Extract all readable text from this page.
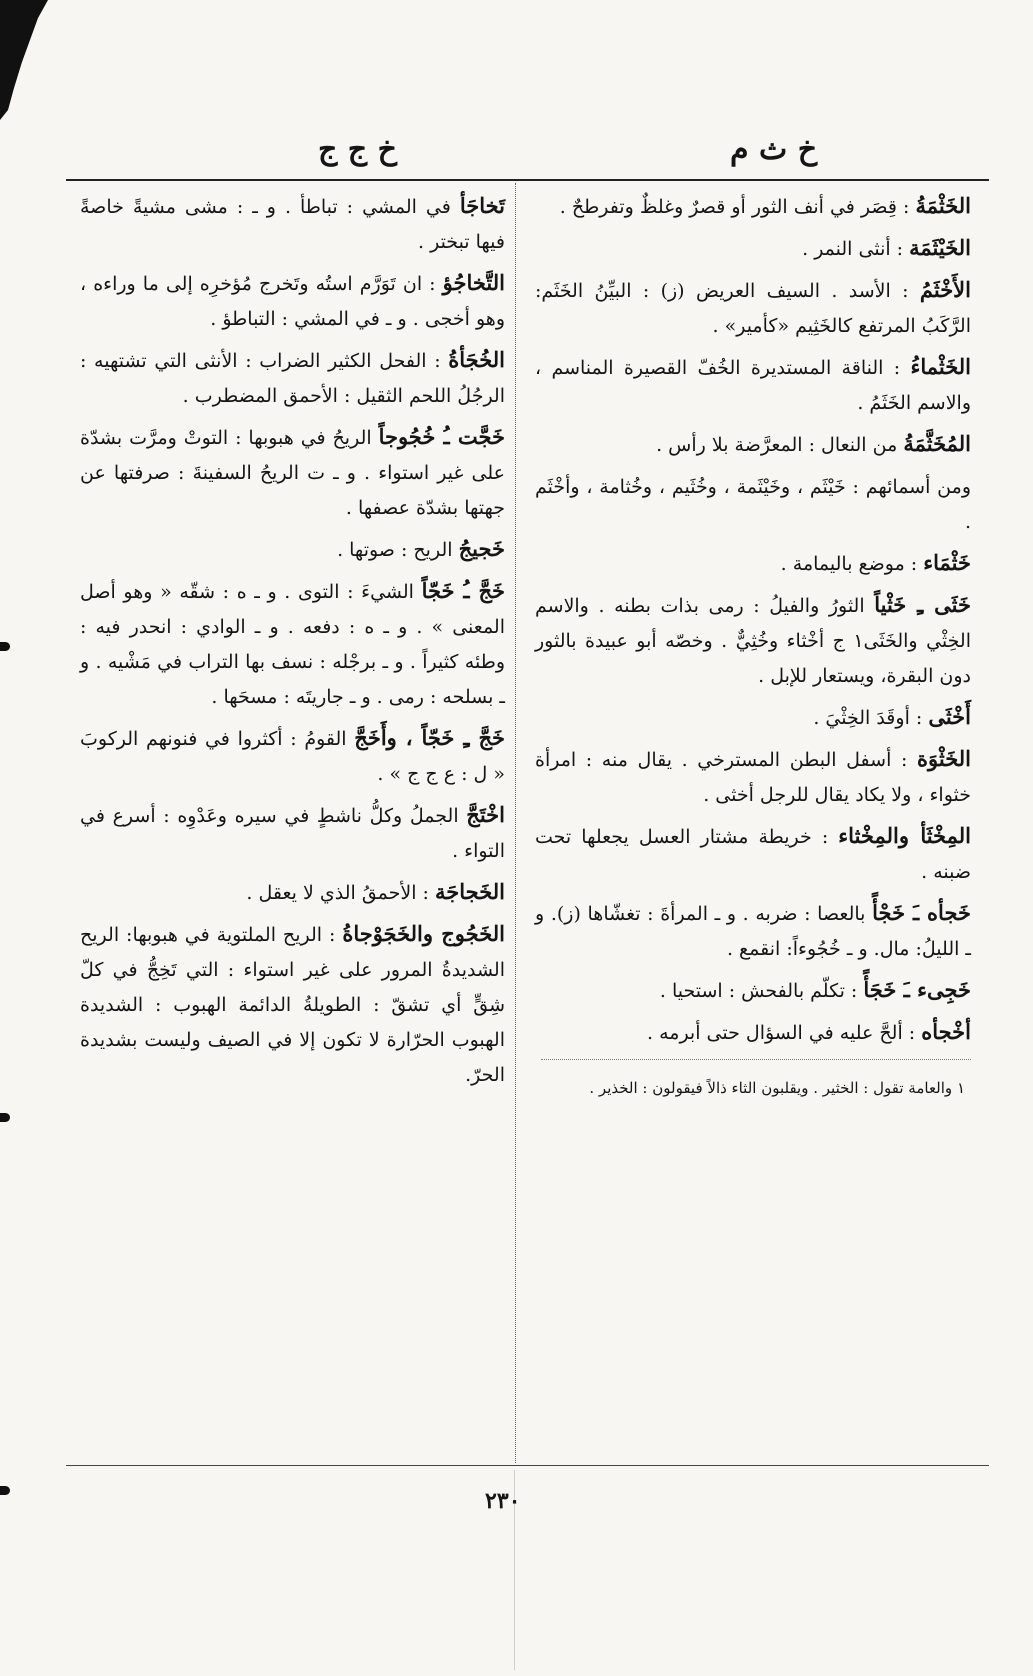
خ ث م
خ ج ج

الخَثْمَةُ : قِصَر في أنف الثور أو قصرٌ وغلظٌ وتفرطحٌ .

الخَيْثَمَة : أنثى النمر .

الأَخْثَمُ : الأسد . السيف العريض (ز) : البيِّنُ الخَثَم: الرَّكَبُ المرتفع كالخَثِيم «كأمير» .

الخَثْماءُ : الناقة المستديرة الخُفّ القصيرة المناسم ، والاسم الخَثَمُ .

المُخَثَّمَةُ من النعال : المعرَّضة بلا رأس .

ومن أسمائهم : خَيْثَم ، وخَيْثَمة ، وخُثَيم ، وخُثامة ، وأخْثَم .

خَثْمَاء : موضع باليمامة .

خَثَى ـِ خَثْياً الثورُ والفيلُ : رمى بذات بطنه . والاسم الخِثْي والخَثَى١ ج أخْثاء وخُثِيٌّ . وخصّه أبو عبيدة بالثور دون البقرة، ويستعار للإبل .

أَخْثَى : أوقَدَ الخِثْيَ .

الخَثْوَة : أسفل البطن المسترخي . يقال منه : امرأة خثواء ، ولا يكاد يقال للرجل أخثى .

المِخْثَأ والمِخْثاء : خريطة مشتار العسل يجعلها تحت ضبنه .

خَجأه ـَ خَجْأً بالعصا : ضربه . و ـ المرأةَ : تغشّاها (ز). و ـ الليلُ: مال. و ـ خُجُوءاً: انقمع .

خَجِىء ـَ خَجَأً : تكلّم بالفحش : استحيا .

أخْجأه : ألحَّ عليه في السؤال حتى أبرمه .

١ والعامة تقول : الخثير . ويقلبون الثاء ذالاً فيقولون : الخذير .

تَخاجَأ في المشي : تباطأ . و ـ : مشى مشيةً خاصةً فيها تبختر .

التَّخاجُؤ : ان تَوَرَّم استُه وتَخرج مُؤخرِه إلى ما وراءه ، وهو أخجى . و ـ في المشي : التباطؤ .

الخُجَأةُ : الفحل الكثير الضراب : الأنثى التي تشتهيه : الرجُلُ اللحم الثقيل : الأحمق المضطرب .

خَجَّت ـُ خُجُوجاً الريحُ في هبوبها : التوتْ ومرَّت بشدّة على غير استواء . و ـ ت الريحُ السفينةَ : صرفتها عن جهتها بشدّة عصفها .

خَجيجُ الريح : صوتها .

خَجَّ ـُ خَجّاً الشيءَ : التوى . و ـ ه : شقّه « وهو أصل المعنى » . و ـ ه : دفعه . و ـ الوادي : انحدر فيه : وطئه كثيراً . و ـ برجْله : نسف بها التراب في مَشْيه . و ـ بسلحه : رمى . و ـ جاريتَه : مسحَها .

خَجَّ ـِ خَجّاً ، وأَخَجَّ القومُ : أكثروا في فنونهم الركوبَ « ل : ع ج ج » .

اخْتَجَّ الجملُ وكلُّ ناشطٍ في سيره وعَدْوِه : أسرع في التواء .

الخَجاجَة : الأحمقُ الذي لا يعقل .

الخَجُوج والخَجَوْجاةُ : الريح الملتوية في هبوبها: الريح الشديدةُ المرور على غير استواء : التي تَخِجُّ في كلّ شِقٍّ أي تشقّ : الطويلةُ الدائمة الهبوب : الشديدة الهبوب الحرّارة لا تكون إلا في الصيف وليست بشديدة الحرّ.

٢٣٠
